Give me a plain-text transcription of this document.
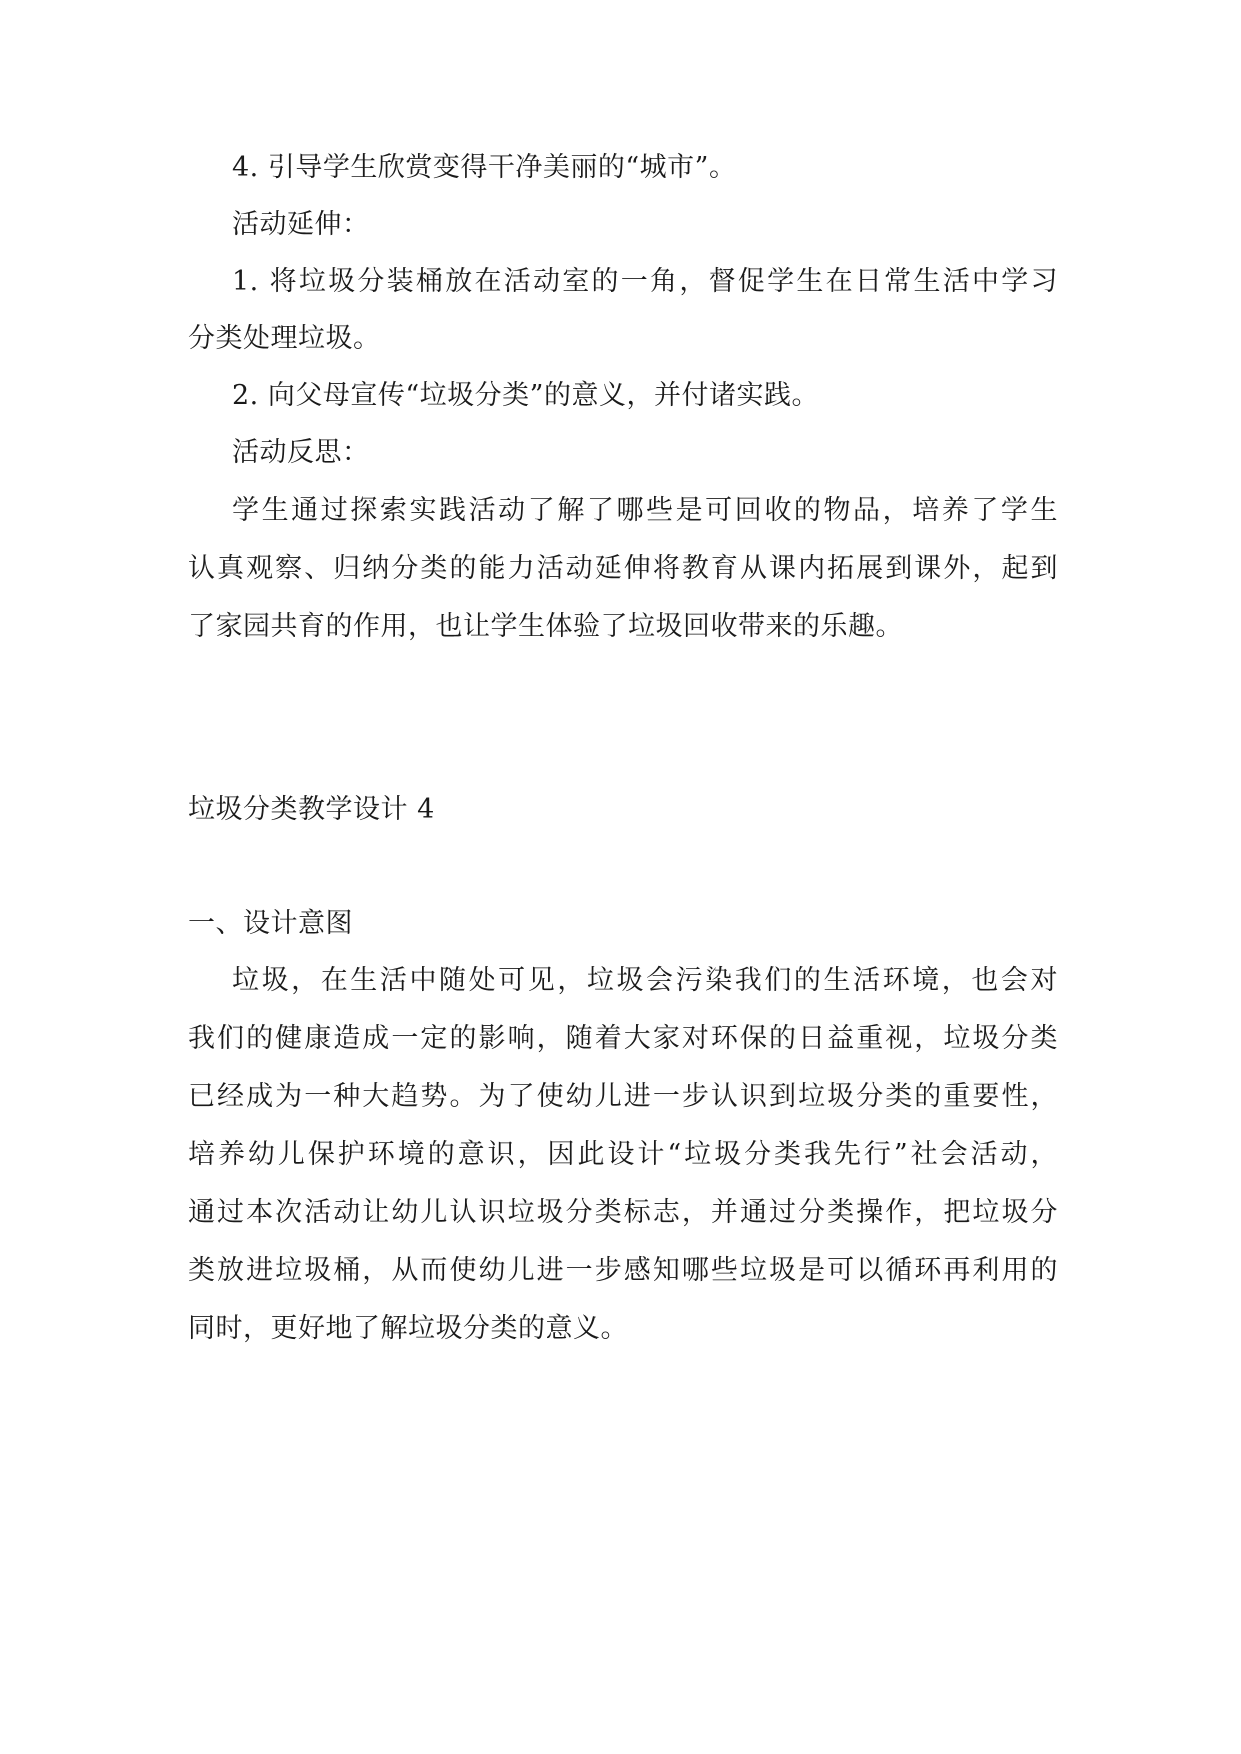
4. 引导学生欣赏变得干净美丽的“城市”。
活动延伸：
1. 将垃圾分装桶放在活动室的一角，督促学生在日常生活中学习
分类处理垃圾。
2. 向父母宣传“垃圾分类”的意义，并付诸实践。
活动反思：
学生通过探索实践活动了解了哪些是可回收的物品，培养了学生
认真观察、归纳分类的能力活动延伸将教育从课内拓展到课外，起到
了家园共育的作用，也让学生体验了垃圾回收带来的乐趣。
垃圾分类教学设计 4
一、设计意图
垃圾，在生活中随处可见，垃圾会污染我们的生活环境，也会对
我们的健康造成一定的影响，随着大家对环保的日益重视，垃圾分类
已经成为一种大趋势。为了使幼儿进一步认识到垃圾分类的重要性，
培养幼儿保护环境的意识，因此设计“垃圾分类我先行”社会活动，
通过本次活动让幼儿认识垃圾分类标志，并通过分类操作，把垃圾分
类放进垃圾桶，从而使幼儿进一步感知哪些垃圾是可以循环再利用的
同时，更好地了解垃圾分类的意义。
